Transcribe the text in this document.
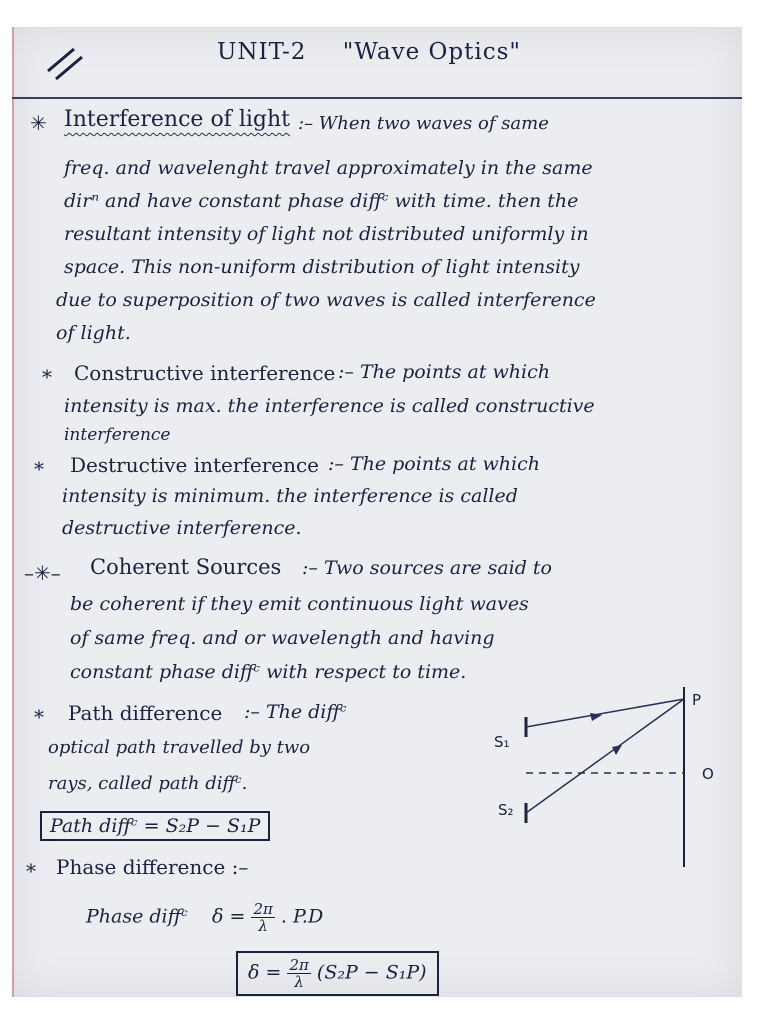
UNIT-2 "Wave Optics"
✳ Interference of light :– When two waves of same
freq. and wavelenght travel approximately in the same
dirⁿ and have constant phase diffᶜ with time. then the
resultant intensity of light not distributed uniformly in
space. This non-uniform distribution of light intensity
due to superposition of two waves is called interference
of light.
* Constructive interference :– The points at which
intensity is max. the interference is called constructive
interference
* Destructive interference :– The points at which
intensity is minimum. the interference is called
destructive interference.
–✳– Coherent Sources :– Two sources are said to
be coherent if they emit continuous light waves
of same freq. and or wavelength and having
constant phase diffᶜ with respect to time.
* Path difference :– The diffᶜ
optical path travelled by two
rays, called path diffᶜ.
Path diffᶜ = S₂P − S₁P
S₁
S₂
P
O
* Phase difference :–
Phase diffᶜ $\delta = \frac{2\pi}{\lambda}$ . P.D
$\delta = \frac{2\pi}{\lambda} (S_2P - S_1P)$
